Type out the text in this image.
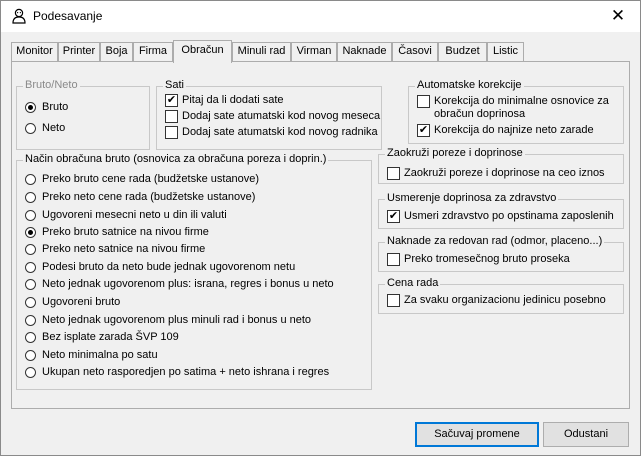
Podesavanje	✕
Monitor Printer Boja	Firma	Obračun	Minuli rad	Virman	Naknade	Časovi	Budzet	Listic
Bruto/Neto
Bruto
Neto
Sati
✔ Pitaj da li dodati sate
Dodaj sate atumatski kod novog meseca
Dodaj sate atumatski kod novog radnika
Automatske korekcije
Korekcija do minimalne osnovice za
obračun doprinosa
✔ Korekcija do najnize neto zarade
Način obračuna bruto (osnovica za obračuna poreza i doprin.)
Preko bruto cene rada (budžetske ustanove)
Preko neto cene rada (budžetske ustanove)
Ugovoreni mesecni neto u din ili valuti
Preko bruto satnice na nivou firme
Preko neto satnice na nivou firme
Podesi bruto da neto bude jednak ugovorenom netu
Neto jednak ugovorenom plus: israna, regres i bonus u neto
Ugovoreni bruto
Neto jednak ugovorenom plus minuli rad i bonus u neto
Bez isplate zarada ŠVP 109
Neto minimalna po satu
Ukupan neto rasporedjen po satima + neto ishrana i regres
Zaokruži poreze i doprinose
Zaokruži poreze i doprinose na ceo iznos
Usmerenje doprinosa za zdravstvo
✔ Usmeri zdravstvo po opstinama zaposlenih
Naknade za redovan rad (odmor, placeno...)
Preko tromesečnog bruto proseka
Cena rada
Za svaku organizacionu jedinicu posebno
Sačuvaj promene	Odustani
